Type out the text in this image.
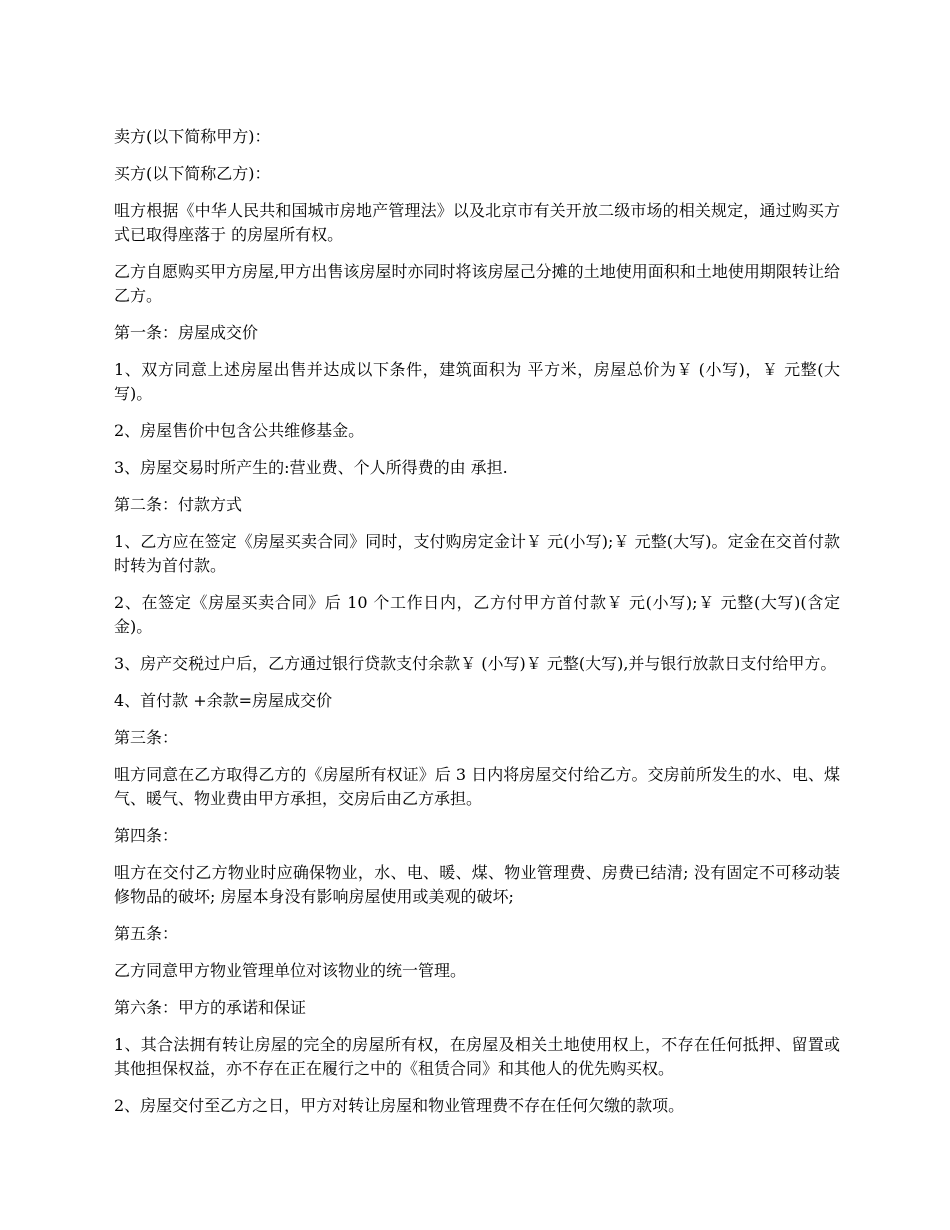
卖方(以下简称甲方)：

买方(以下简称乙方)：

咀方根据《中华人民共和国城市房地产管理法》以及北京市有关开放二级市场的相关规定，通过购买方式已取得座落于 的房屋所有权。

乙方自愿购买甲方房屋,甲方出售该房屋时亦同时将该房屋己分摊的土地使用面积和土地使用期限转让给乙方。

第一条：房屋成交价

1、双方同意上述房屋出售并达成以下条件，建筑面积为 平方米，房屋总价为￥ (小写)，￥ 元整(大写)。

2、房屋售价中包含公共维修基金。

3、房屋交易时所产生的:营业费、个人所得费的由 承担.

第二条：付款方式

1、乙方应在签定《房屋买卖合同》同时，支付购房定金计￥ 元(小写);￥ 元整(大写)。定金在交首付款时转为首付款。

2、在签定《房屋买卖合同》后 10 个工作日内，乙方付甲方首付款￥ 元(小写);￥ 元整(大写)(含定金)。

3、房产交税过户后，乙方通过银行贷款支付余款￥ (小写)￥ 元整(大写),并与银行放款日支付给甲方。

4、首付款 +余款=房屋成交价

第三条：

咀方同意在乙方取得乙方的《房屋所有权证》后 3 日内将房屋交付给乙方。交房前所发生的水、电、煤气、暖气、物业费由甲方承担，交房后由乙方承担。

第四条：

咀方在交付乙方物业时应确保物业，水、电、暖、煤、物业管理费、房费已结清; 没有固定不可移动装修物品的破坏; 房屋本身没有影响房屋使用或美观的破坏;

第五条：

乙方同意甲方物业管理单位对该物业的统一管理。

第六条：甲方的承诺和保证

1、其合法拥有转让房屋的完全的房屋所有权，在房屋及相关土地使用权上，不存在任何抵押、留置或其他担保权益，亦不存在正在履行之中的《租赁合同》和其他人的优先购买权。

2、房屋交付至乙方之日，甲方对转让房屋和物业管理费不存在任何欠缴的款项。
